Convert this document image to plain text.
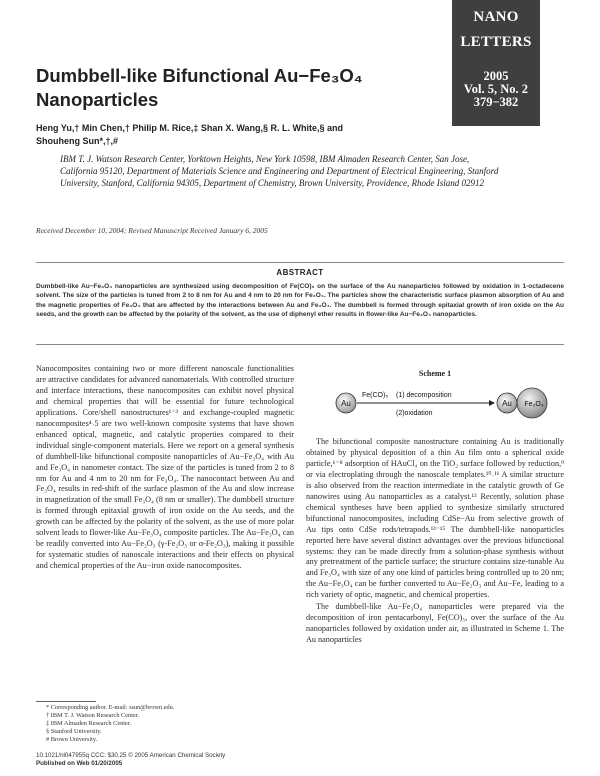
NANO
LETTERS
2005
Vol. 5, No. 2
379−382
Dumbbell-like Bifunctional Au−Fe₃O₄
Nanoparticles
Heng Yu,† Min Chen,† Philip M. Rice,‡ Shan X. Wang,§ R. L. White,§ and
Shouheng Sun*,†,#
IBM T. J. Watson Research Center, Yorktown Heights, New York 10598, IBM Almaden Research Center, San Jose, California 95120, Department of Materials Science and Engineering and Department of Electrical Engineering, Stanford University, Stanford, California 94305, Department of Chemistry, Brown University, Providence, Rhode Island 02912
Received December 10, 2004; Revised Manuscript Received January 6, 2005
ABSTRACT
Dumbbell-like Au−Fe₃O₄ nanoparticles are synthesized using decomposition of Fe(CO)₅ on the surface of the Au nanoparticles followed by oxidation in 1-octadecene solvent. The size of the particles is tuned from 2 to 8 nm for Au and 4 nm to 20 nm for Fe₃O₄. The particles show the characteristic surface plasmon absorption of Au and the magnetic properties of Fe₃O₄ that are affected by the interactions between Au and Fe₃O₄. The dumbbell is formed through epitaxial growth of iron oxide on the Au seeds, and the growth can be affected by the polarity of the solvent, as the use of diphenyl ether results in flower-like Au−Fe₃O₄ nanoparticles.

Nanocomposites containing two or more different nanoscale functionalities are attractive candidates for advanced nanomaterials. With controlled structure and interface interactions, these nanocomposites can exhibit novel physical and chemical properties that will be essential for future technological applications. Core/shell nanostructures¹⁻³ and exchange-coupled magnetic nanocomposites⁴˒5 are two well-known composite systems that have shown enhanced optical, magnetic, and catalytic properties compared to their individual single-component materials. Here we report on a general synthesis of dumbbell-like bifunctional composite nanoparticles of Au−Fe₃O₄ with Au and Fe₃O₄ in nanometer contact. The size of the particles is tuned from 2 to 8 nm for Au and 4 nm to 20 nm for Fe₃O₄. The nanocontact between Au and Fe₃O₄ results in red-shift of the surface plasmon of the Au and slow increase in magnetization of the small Fe₃O₄ (8 nm or smaller). The dumbbell structure is formed through epitaxial growth of iron oxide on the Au seeds, and the growth can be affected by the polarity of the solvent, as the use of more polar solvent leads to flower-like Au−Fe₃O₄ composite particles. The Au−Fe₃O₄ can be readily converted into Au−Fe₂O₃ (γ-Fe₂O₃ or α-Fe₂O₃), making it possible for systematic studies of nanoscale interactions and their effects on physical and chemical properties of the Au−iron oxide nanocomposites.

Scheme 1
Au
Fe(CO)₅ (1) decomposition
(2)oxidation
Au Fe₃O₄

The bifunctional composite nanostructure containing Au is traditionally obtained by physical deposition of a thin Au film onto a spherical oxide particle,⁶⁻⁸ adsorption of HAuCl₄ on the TiO₂ surface followed by reduction,⁹ or via electroplating through the nanoscale templates.¹⁰˒¹¹ A similar structure is also observed from the reaction intermediate in the catalytic growth of Ge nanowires using Au nanoparticles as a catalyst.¹² Recently, solution phase chemical syntheses have been applied to synthesize similarly structured bifunctional nanocomposites, including CdSe−Au from selective growth of Au tips onto CdSe rods/tetrapods.¹³⁻¹⁵ The dumbbell-like nanoparticles reported here have several distinct advantages over the previous bifunctional systems: they can be made directly from a solution-phase synthesis without any pretreatment of the particle surface; the structure contains size-tunable Au and Fe₃O₄ with size of any one kind of particles being controlled up to 20 nm; the Au−Fe₃O₄ can be further converted to Au−Fe₂O₃ and Au−Fe, leading to a rich variety of optic, magnetic, and chemical properties.

The dumbbell-like Au−Fe₃O₄ nanoparticles were prepared via the decomposition of iron pentacarbonyl, Fe(CO)₅, over the surface of the Au nanoparticles followed by oxidation under air, as illustrated in Scheme 1. The Au nanoparticles

* Corresponding author. E-mail: ssun@brown.edu.
† IBM T. J. Watson Research Center.
‡ IBM Almaden Research Center.
§ Stanford University.
# Brown University.
10.1021/nl047955q CCC: $30.25 © 2005 American Chemical Society
Published on Web 01/20/2005
